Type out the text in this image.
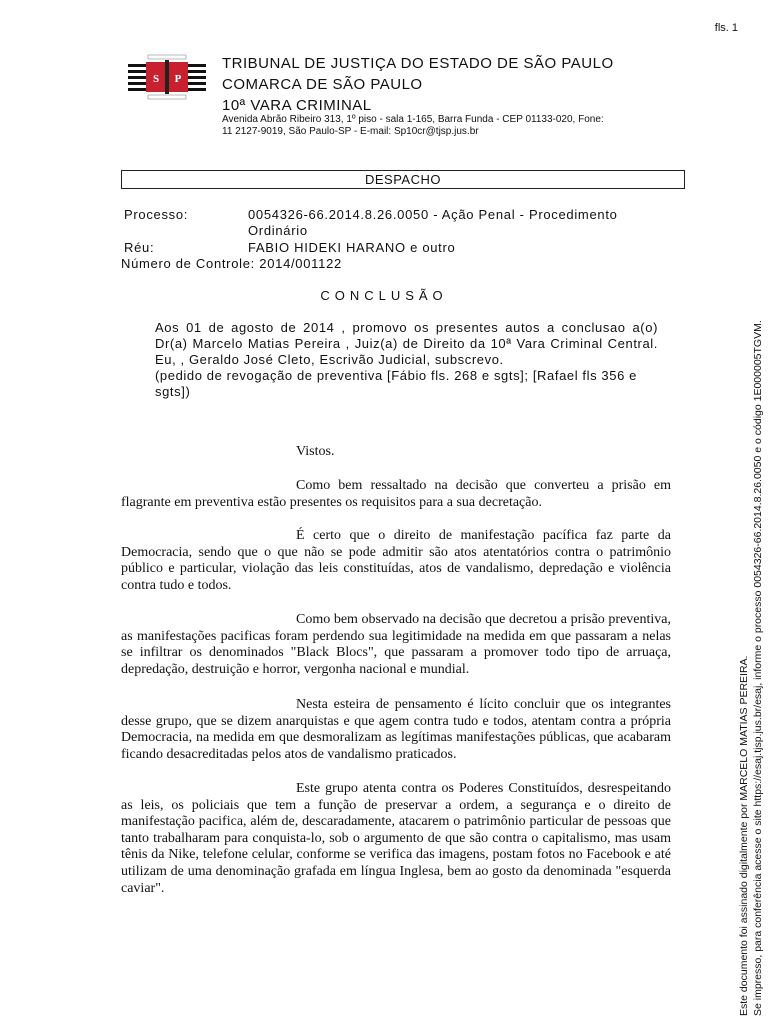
fls. 1
S P
TRIBUNAL DE JUSTIÇA DO ESTADO DE SÃO PAULO
COMARCA DE SÃO PAULO
10ª VARA CRIMINAL
Avenida Abrão Ribeiro 313, 1º piso - sala 1-165, Barra Funda - CEP 01133-020, Fone:
11 2127-9019, São Paulo-SP - E-mail: Sp10cr@tjsp.jus.br
DESPACHO
Processo:	0054326-66.2014.8.26.0050 - Ação Penal - Procedimento Ordinário
Réu:	FABIO HIDEKI HARANO e outro
Número de Controle: 2014/001122
CONCLUSÃO
Aos 01 de agosto de 2014 , promovo os presentes autos a conclusao a(o) Dr(a) Marcelo Matias Pereira , Juiz(a) de Direito da 10ª Vara Criminal Central. Eu, , Geraldo José Cleto, Escrivão Judicial, subscrevo.
(pedido de revogação de preventiva [Fábio fls. 268 e sgts]; [Rafael fls 356 e sgts])
Vistos.
Como bem ressaltado na decisão que converteu a prisão em flagrante em preventiva estão presentes os requisitos para a sua decretação.
É certo que o direito de manifestação pacífica faz parte da Democracia, sendo que o que não se pode admitir são atos atentatórios contra o patrimônio público e particular, violação das leis constituídas, atos de vandalismo, depredação e violência contra tudo e todos.
Como bem observado na decisão que decretou a prisão preventiva, as manifestações pacificas foram perdendo sua legitimidade na medida em que passaram a nelas se infiltrar os denominados "Black Blocs", que passaram a promover todo tipo de arruaça, depredação, destruição e horror, vergonha nacional e mundial.
Nesta esteira de pensamento é lícito concluir que os integrantes desse grupo, que se dizem anarquistas e que agem contra tudo e todos, atentam contra a própria Democracia, na medida em que desmoralizam as legítimas manifestações públicas, que acabaram ficando desacreditadas pelos atos de vandalismo praticados.
Este grupo atenta contra os Poderes Constituídos, desrespeitando as leis, os policiais que tem a função de preservar a ordem, a segurança e o direito de manifestação pacifica, além de, descaradamente, atacarem o patrimônio particular de pessoas que tanto trabalharam para conquista-lo, sob o argumento de que são contra o capitalismo, mas usam tênis da Nike, telefone celular, conforme se verifica das imagens, postam fotos no Facebook e até utilizam de uma denominação grafada em língua Inglesa, bem ao gosto da denominada "esquerda caviar".	Este documento foi assinado digitalmente por MARCELO MATIAS PEREIRA. Se impresso, para conferência acesse o site https://esaj.tjsp.jus.br/esaj, informe o processo 0054326-66.2014.8.26.0050 e o código 1E000005TGVM.
